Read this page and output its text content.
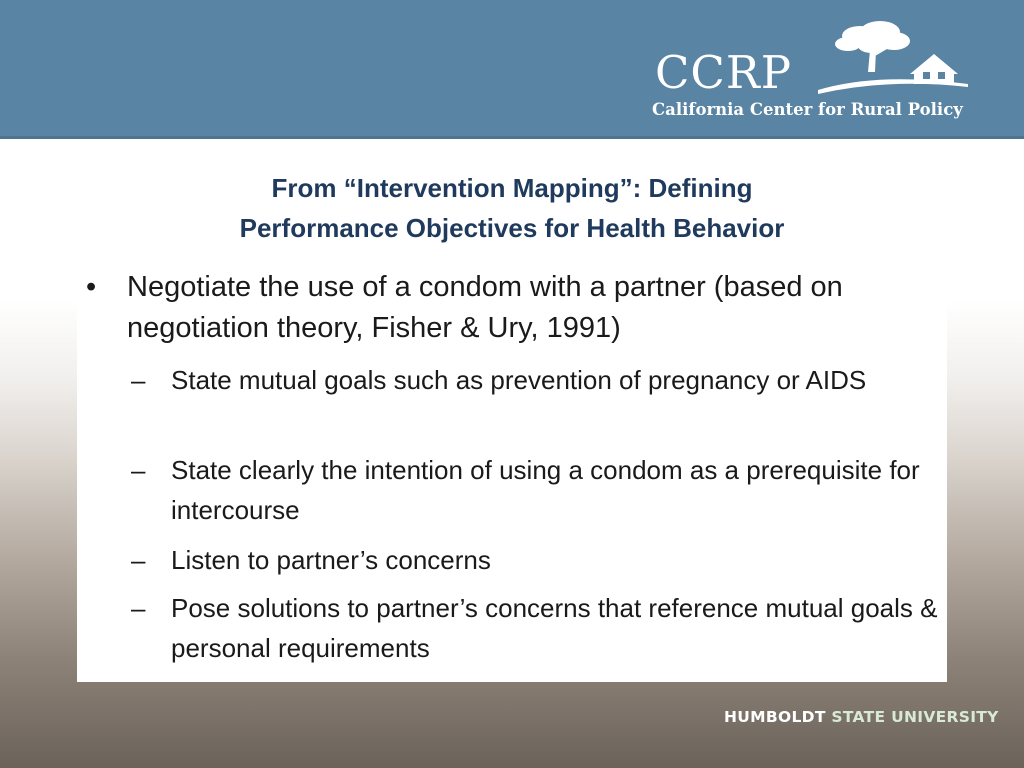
CCRP
California Center for Rural Policy
From “Intervention Mapping”: Defining
Performance Objectives for Health Behavior
• Negotiate the use of a condom with a partner (based on negotiation theory, Fisher & Ury, 1991)
– State mutual goals such as prevention of pregnancy or AIDS
– State clearly the intention of using a condom as a prerequisite for intercourse
– Listen to partner’s concerns
– Pose solutions to partner’s concerns that reference mutual goals & personal requirements
HUMBOLDT STATE UNIVERSITY
